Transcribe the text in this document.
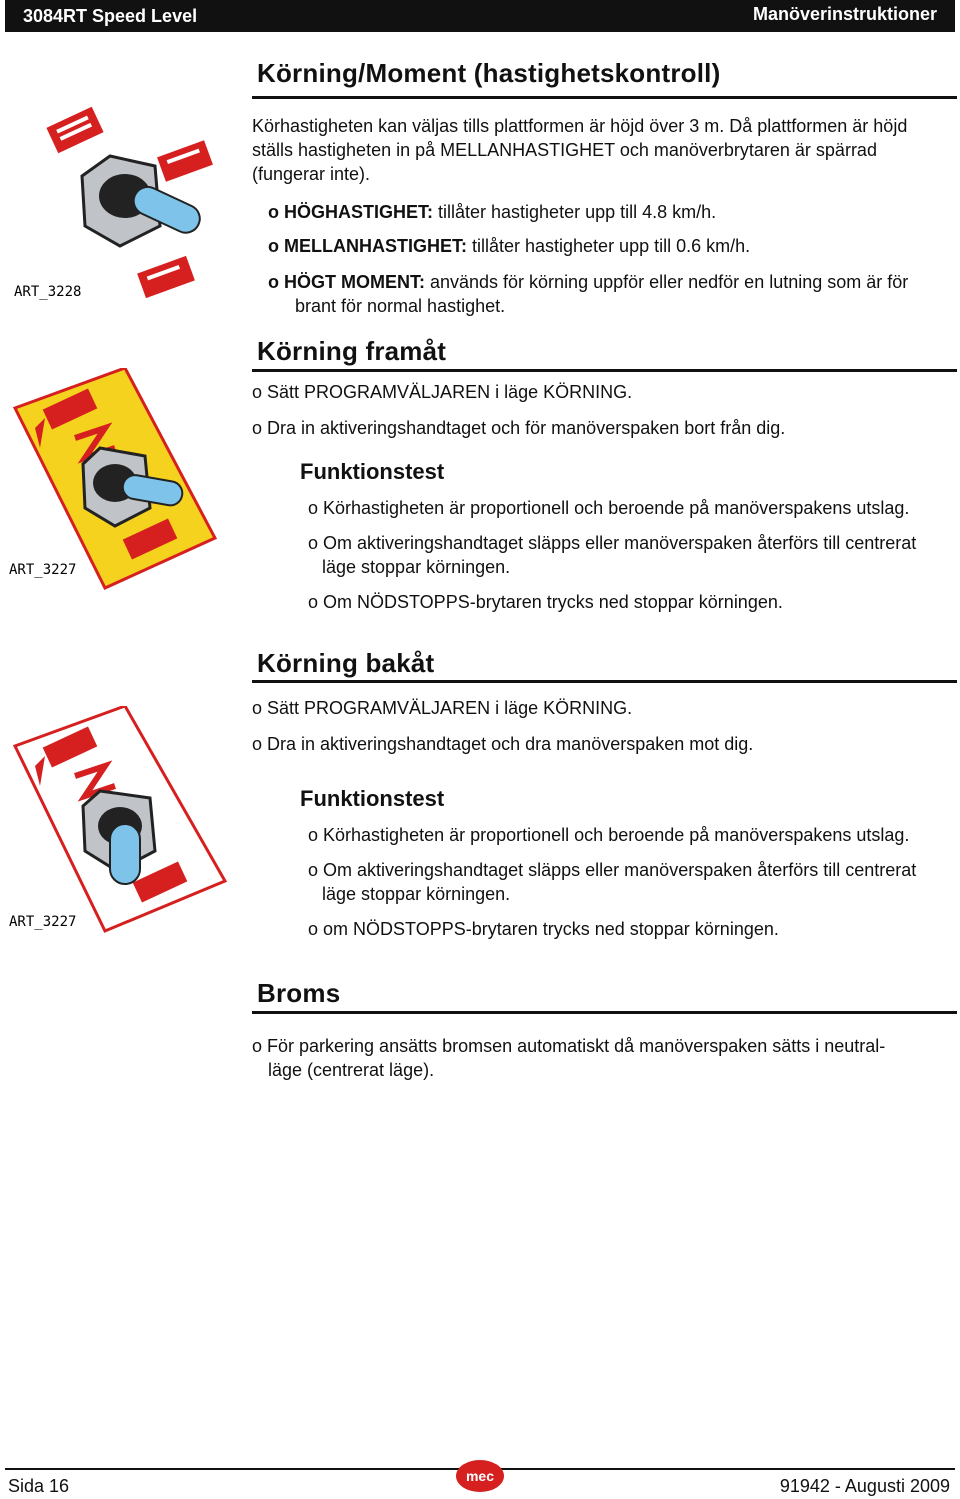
3084RT Speed Level	Manöverinstruktioner
Körning/Moment (hastighetskontroll)
Körhastigheten kan väljas tills plattformen är höjd över 3 m. Då plattformen är höjd
ställs hastigheten in på MELLANHASTIGHET och manöverbrytaren är spärrad
(fungerar inte).
o HÖGHASTIGHET: tillåter hastigheter upp till 4.8 km/h.
o MELLANHASTIGHET: tillåter hastigheter upp till 0.6 km/h.
o HÖGT MOMENT: används för körning uppför eller nedför en lutning som är för
brant för normal hastighet.
ART_3228
Körning framåt
o Sätt PROGRAMVÄLJAREN i läge KÖRNING.
o Dra in aktiveringshandtaget och för manöverspaken bort från dig.
Funktionstest
o Körhastigheten är proportionell och beroende på manöverspakens utslag.
o Om aktiveringshandtaget släpps eller manöverspaken återförs till centrerat
läge stoppar körningen.
o Om NÖDSTOPPS-brytaren trycks ned stoppar körningen.
ART_3227
Körning bakåt
o Sätt PROGRAMVÄLJAREN i läge KÖRNING.
o Dra in aktiveringshandtaget och dra manöverspaken mot dig.
Funktionstest
o Körhastigheten är proportionell och beroende på manöverspakens utslag.
o Om aktiveringshandtaget släpps eller manöverspaken återförs till centrerat
läge stoppar körningen.
o om NÖDSTOPPS-brytaren trycks ned stoppar körningen.
ART_3227
Broms
o För parkering ansätts bromsen automatiskt då manöverspaken sätts i neutral-
läge (centrerat läge).
Sida 16	mec	91942 - Augusti 2009
